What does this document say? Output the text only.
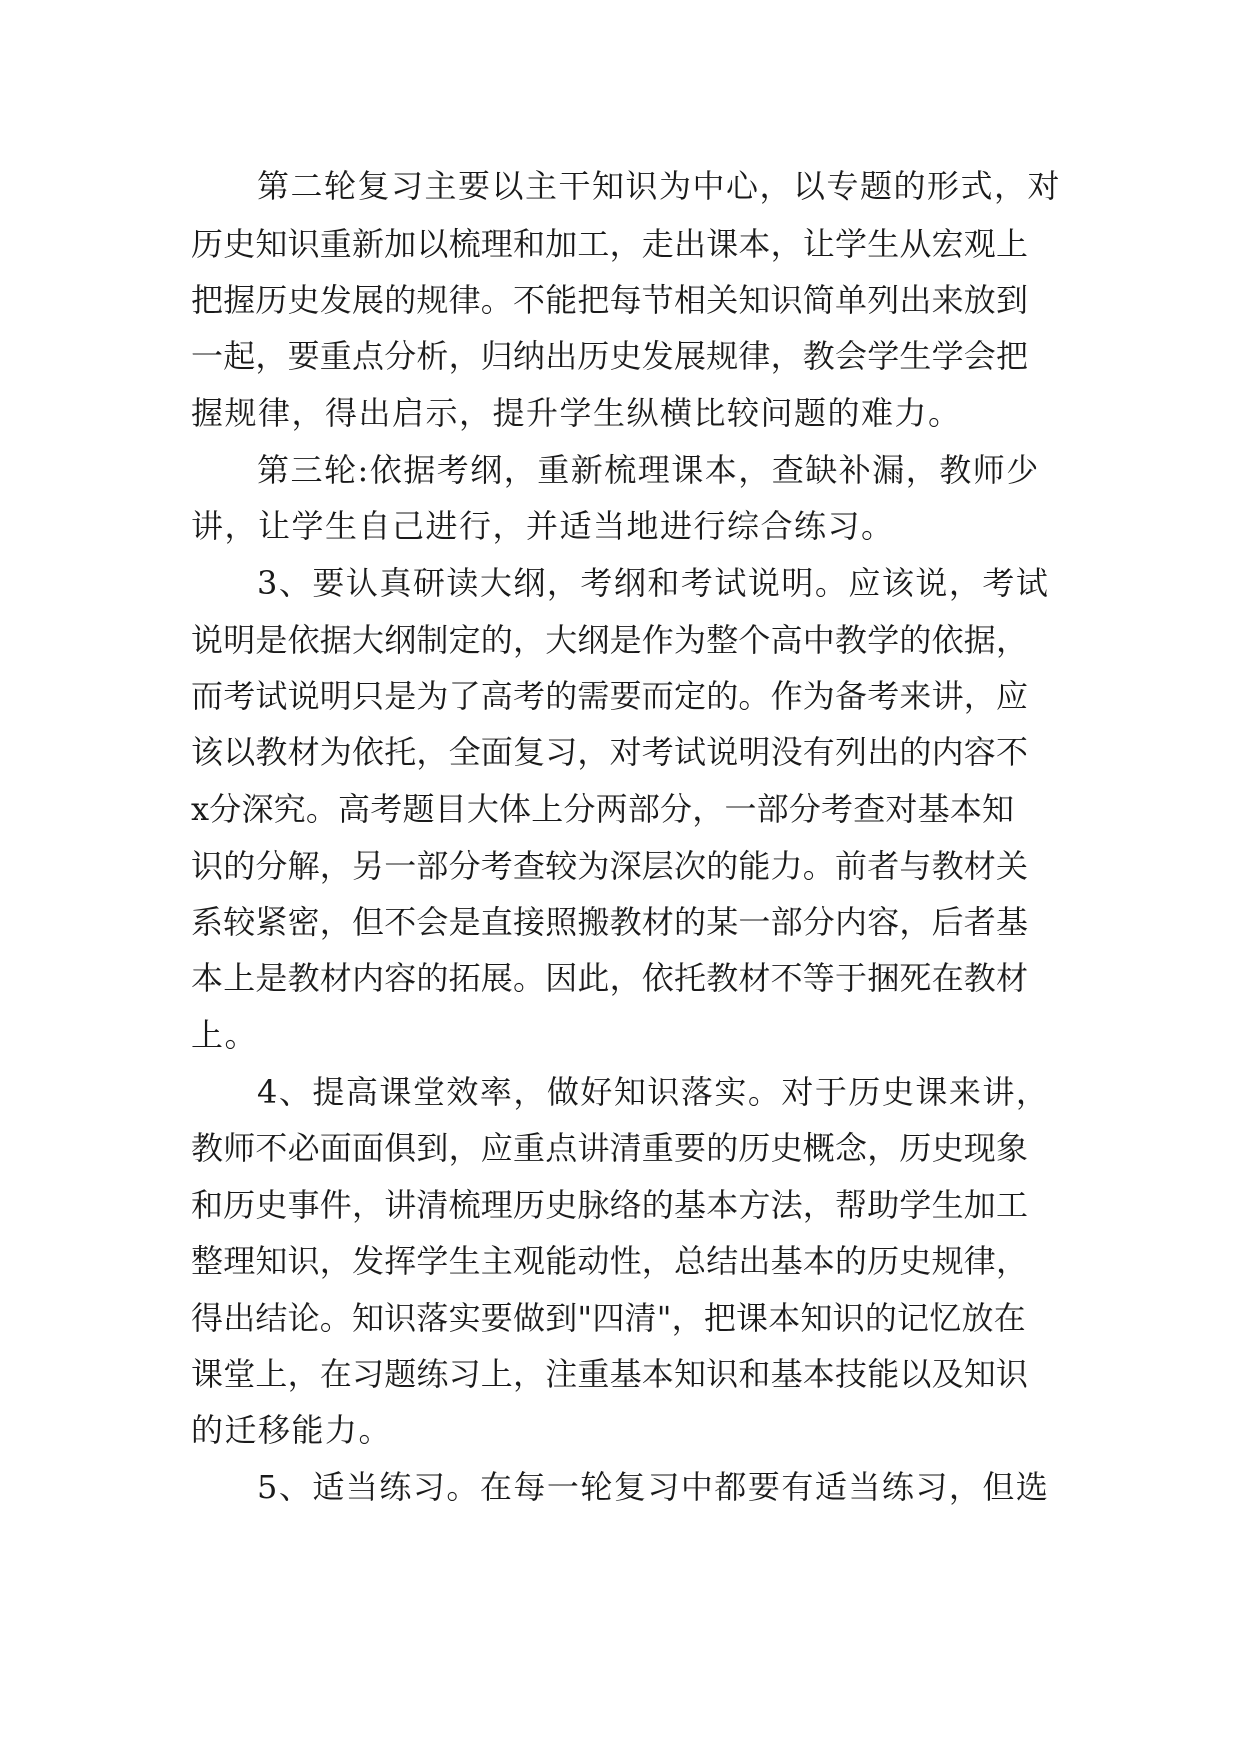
第二轮复习主要以主干知识为中心，以专题的形式，对
历史知识重新加以梳理和加工，走出课本，让学生从宏观上
把握历史发展的规律。不能把每节相关知识简单列出来放到
一起，要重点分析，归纳出历史发展规律，教会学生学会把
握规律，得出启示，提升学生纵横比较问题的难力。
第三轮:依据考纲，重新梳理课本，查缺补漏，教师少
讲，让学生自己进行，并适当地进行综合练习。
3、要认真研读大纲，考纲和考试说明。应该说，考试
说明是依据大纲制定的，大纲是作为整个高中教学的依据，
而考试说明只是为了高考的需要而定的。作为备考来讲，应
该以教材为依托，全面复习，对考试说明没有列出的内容不
x分深究。高考题目大体上分两部分，一部分考查对基本知
识的分解，另一部分考查较为深层次的能力。前者与教材关
系较紧密，但不会是直接照搬教材的某一部分内容，后者基
本上是教材内容的拓展。因此，依托教材不等于捆死在教材
上。
4、提高课堂效率，做好知识落实。对于历史课来讲，
教师不必面面俱到，应重点讲清重要的历史概念，历史现象
和历史事件，讲清梳理历史脉络的基本方法，帮助学生加工
整理知识，发挥学生主观能动性，总结出基本的历史规律，
得出结论。知识落实要做到"四清"，把课本知识的记忆放在
课堂上，在习题练习上，注重基本知识和基本技能以及知识
的迁移能力。
5、适当练习。在每一轮复习中都要有适当练习，但选
